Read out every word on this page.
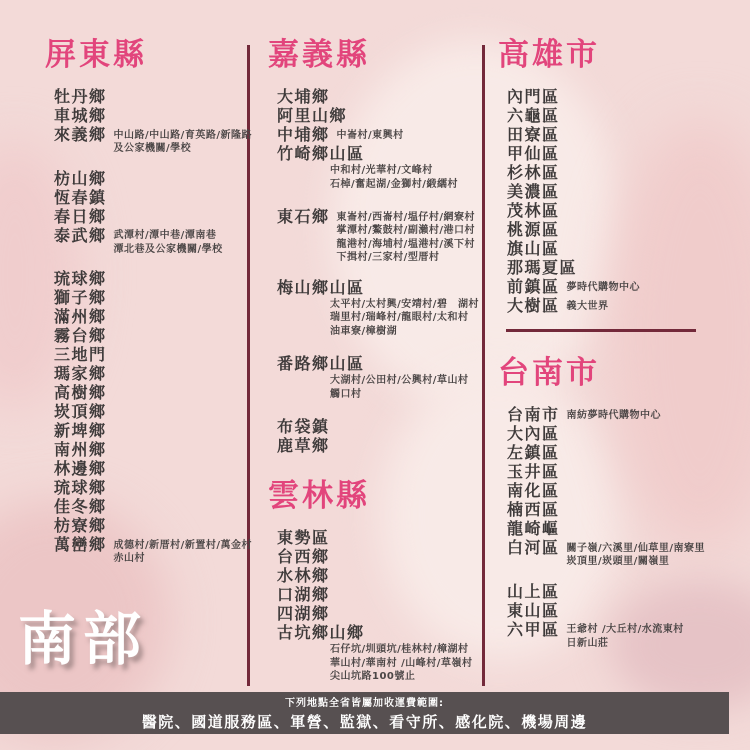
屏東縣
牡丹鄉
車城鄉
來義鄉 中山路/中山路/育英路/新隆路
及公家機關/學校
枋山鄉
恆春鎮
春日鄉
泰武鄉 武潭村/潭中巷/潭南巷
潭北巷及公家機關/學校
琉球鄉
獅子鄉
滿州鄉
霧台鄉
三地門
瑪家鄉
高樹鄉
崁頂鄉
新埤鄉
南州鄉
林邊鄉
琉球鄉
佳冬鄉
枋寮鄉
萬巒鄉 成德村/新厝村/新置村/萬金村
赤山村
嘉義縣
大埔鄉
阿里山鄉
中埔鄉 中崙村/東興村
竹崎鄉山區
中和村/光華村/文峰村
石棹/奮起湖/金獅村/緞繻村
東石鄉 東崙村/西崙村/塭仔村/網寮村
掌潭村/鰲鼓村/副瀨村/港口村
龍港村/海埔村/塭港村/溪下村
下揖村/三家村/型厝村
梅山鄉山區
太平村/太村興/安靖村/碧　湖村
瑞里村/瑞峰村/龍眼村/太和村
油車寮/樟樹湖
番路鄉山區
大湖村/公田村/公興村/草山村
觸口村
布袋鎮
鹿草鄉
雲林縣
東勢區
台西鄉
水林鄉
口湖鄉
四湖鄉
古坑鄉山鄉
石仔坑/圳頭坑/桂林村/樟湖村
華山村/華南村 /山峰村/草嶺村
尖山坑路100號止
高雄市
內門區
六龜區
田寮區
甲仙區
杉林區
美濃區
茂林區
桃源區
旗山區
那瑪夏區
前鎮區 夢時代購物中心
大樹區 義大世界
台南市
台南市 南紡夢時代購物中心
大內區
左鎮區
玉井區
南化區
楠西區
龍崎嶇
白河區 關子嶺/六溪里/仙草里/南寮里
崁頂里/崁頭里/關嶺里
山上區
東山區
六甲區 王爺村 /大丘村/水流東村
日新山莊
南部
下列地點全省皆屬加收運費範圍:
醫院、國道服務區、軍營、監獄、看守所、感化院、機場周邊
